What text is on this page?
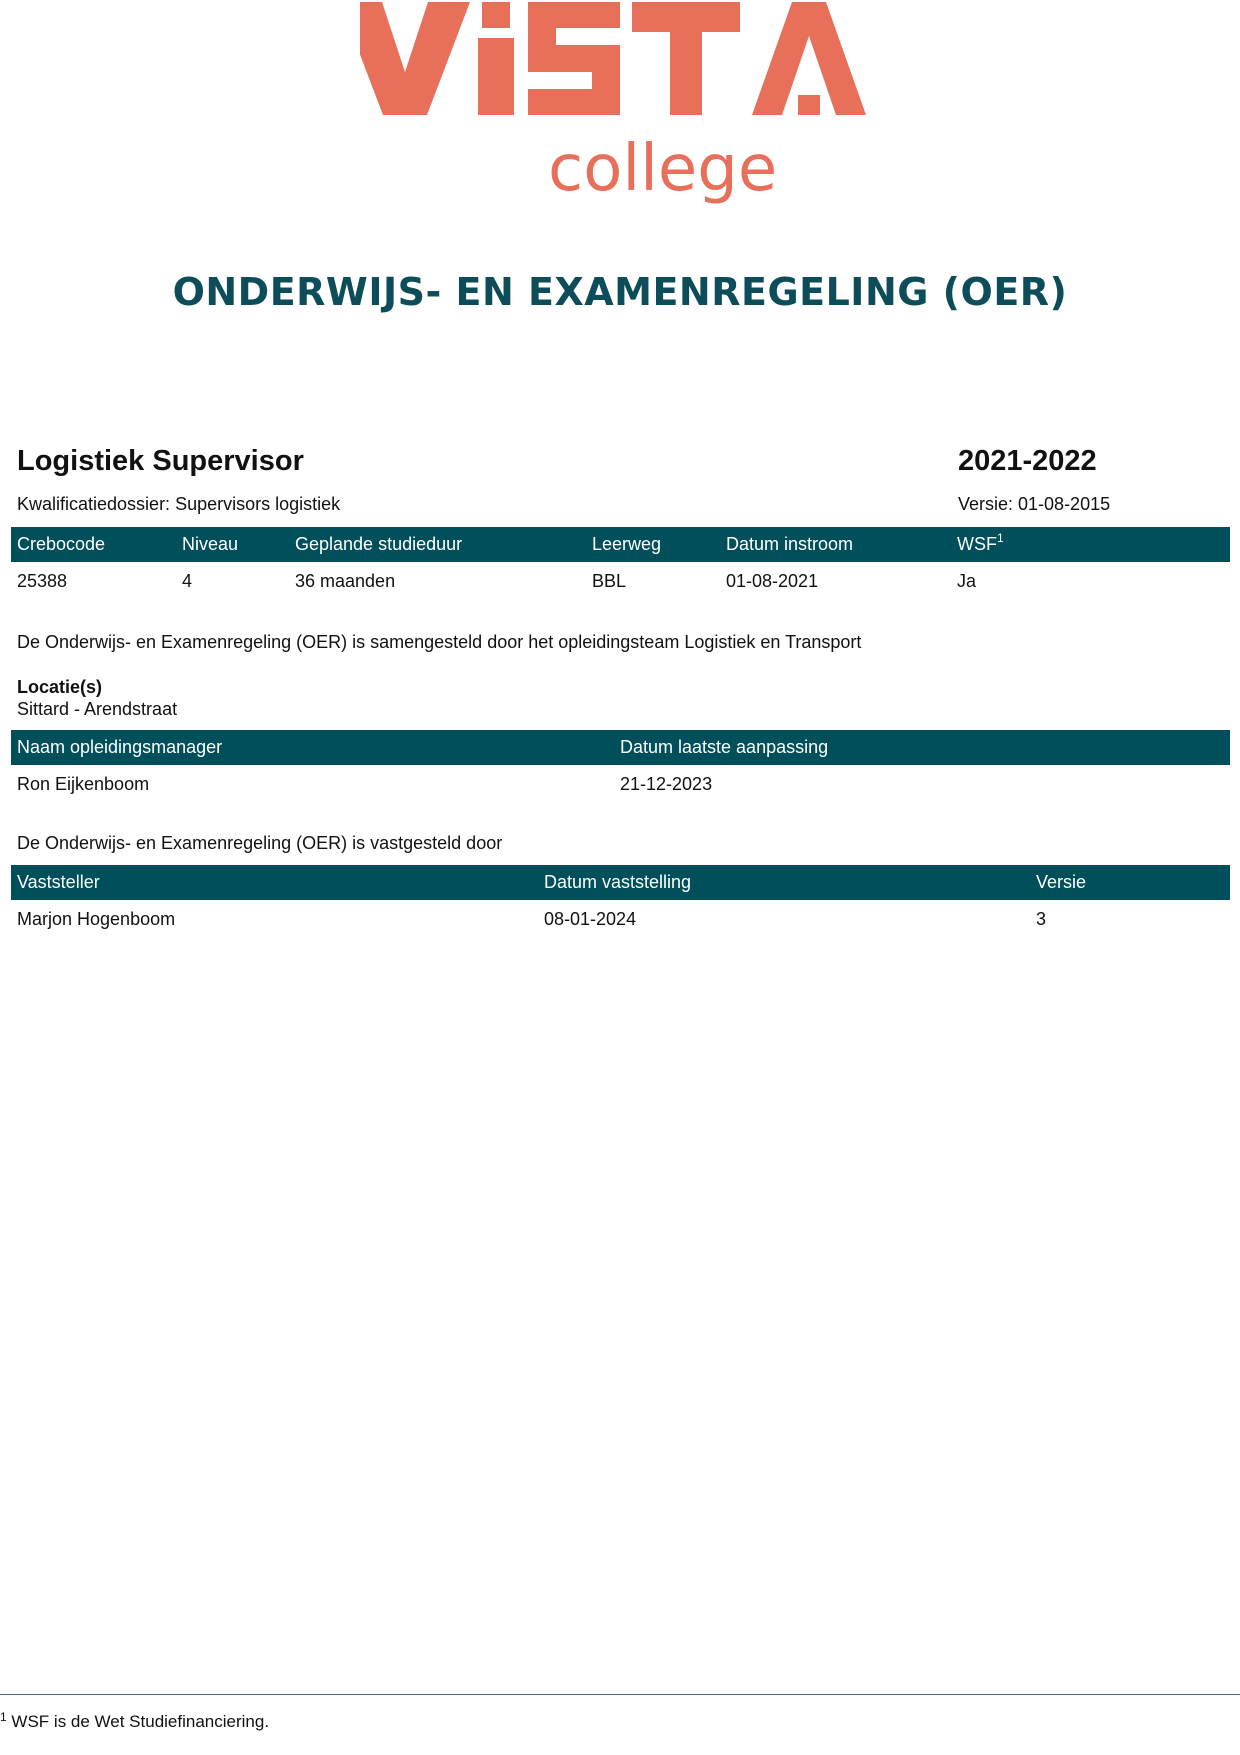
college
ONDERWIJS- EN EXAMENREGELING (OER)
Logistiek Supervisor	2021-2022
Kwalificatiedossier: Supervisors logistiek	Versie: 01-08-2015
Crebocode	Niveau	Geplande studieduur	Leerweg	Datum instroom	WSF$^1$
25388	4	36 maanden	BBL	01-08-2021	Ja
De Onderwijs- en Examenregeling (OER) is samengesteld door het opleidingsteam Logistiek en Transport
Locatie(s)
Sittard - Arendstraat
Naam opleidingsmanager	Datum laatste aanpassing
Ron Eijkenboom	21-12-2023
De Onderwijs- en Examenregeling (OER) is vastgesteld door
Vaststeller	Datum vaststelling	Versie
Marjon Hogenboom	08-01-2024	3
$^1$ WSF is de Wet Studiefinanciering.
